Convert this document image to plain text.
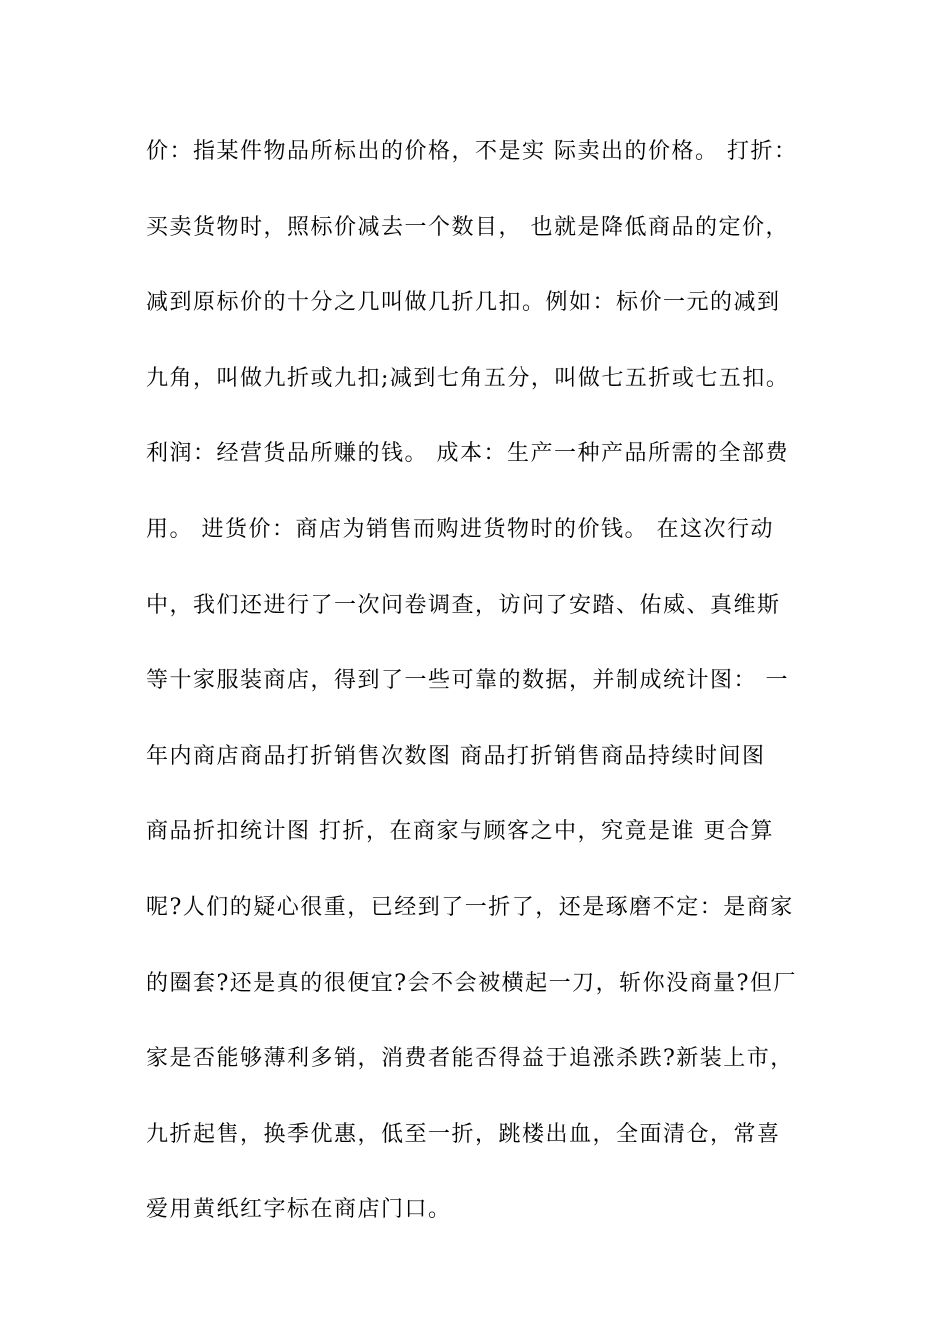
价：指某件物品所标出的价格，不是实 际卖出的价格。 打折：
买卖货物时，照标价减去一个数目， 也就是降低商品的定价，
减到原标价的十分之几叫做几折几扣。例如：标价一元的减到
九角，叫做九折或九扣;减到七角五分，叫做七五折或七五扣。
利润：经营货品所赚的钱。 成本：生产一种产品所需的全部费
用。 进货价：商店为销售而购进货物时的价钱。 在这次行动
中，我们还进行了一次问卷调查，访问了安踏、佑威、真维斯
等十家服装商店，得到了一些可靠的数据，并制成统计图： 一
年内商店商品打折销售次数图 商品打折销售商品持续时间图
商品折扣统计图 打折，在商家与顾客之中，究竟是谁 更合算
呢?人们的疑心很重，已经到了一折了，还是琢磨不定：是商家
的圈套?还是真的很便宜?会不会被横起一刀，斩你没商量?但厂
家是否能够薄利多销，消费者能否得益于追涨杀跌?新装上市，
九折起售，换季优惠，低至一折，跳楼出血，全面清仓，常喜
爱用黄纸红字标在商店门口。
